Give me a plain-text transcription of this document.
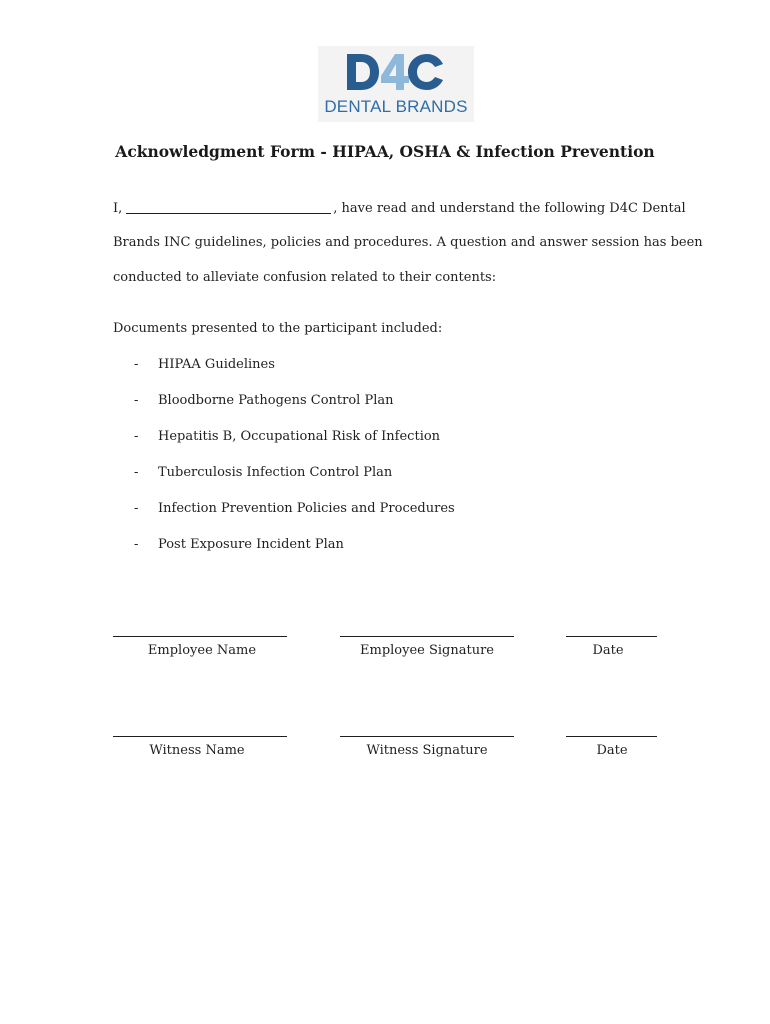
DENTAL BRANDS
Acknowledgment Form - HIPAA, OSHA & Infection Prevention
I,	, have read and understand the following D4C Dental
Brands INC guidelines, policies and procedures. A question and answer session has been
conducted to alleviate confusion related to their contents:
Documents presented to the participant included:
- HIPAA Guidelines
- Bloodborne Pathogens Control Plan
- Hepatitis B, Occupational Risk of Infection
- Tuberculosis Infection Control Plan
- Infection Prevention Policies and Procedures
- Post Exposure Incident Plan
Employee Name	Employee Signature	Date
Witness Name	Witness Signature	Date
